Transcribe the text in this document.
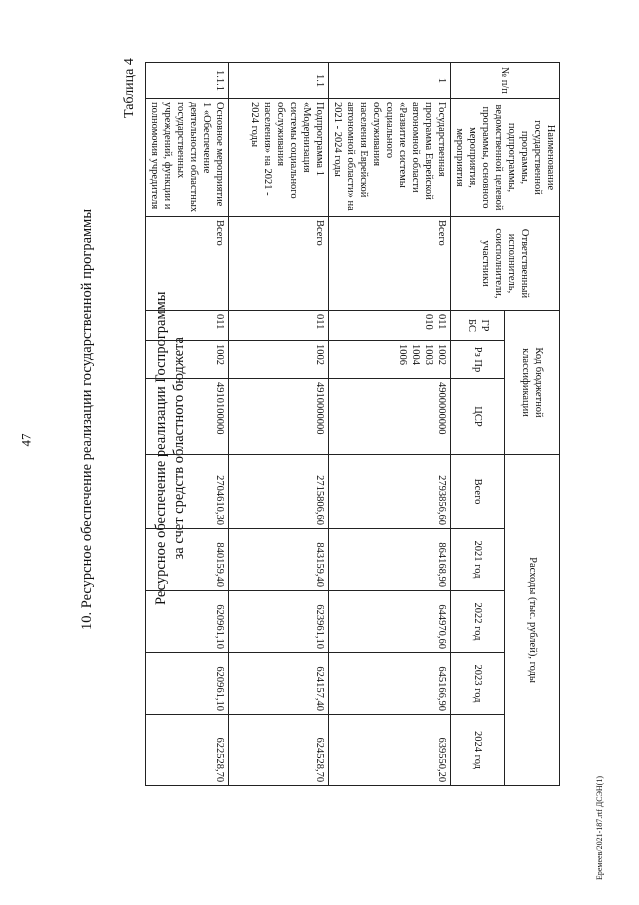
47	10. Ресурсное обеспечение реализации государственной программы
Таблица 4
Ресурсное обеспечение реализации Госпрограммы за счет средств областного бюджета
№ п/п	Наименование государственной программы, подпрограммы, ведомственной целевой программы, основного мероприятия, мероприятия	Ответственный исполнитель, соисполнители, участники	Код бюджетной классификации			Расходы (тыс. рублей), годы				
			ГР БС	Рз Пр	ЦСР	Всего	2021 год	2022 год	2023 год	2024 год
1	Государственная программа Еврейской автономной области «Развитие системы социального обслуживания населения Еврейской автономной области» на 2021 - 2024 годы	Всего	011 010	1002 1003 1004 1006	4900000000	2793856,60	864168,90	644970,60	645166,90	639550,20
1.1	Подпрограмма 1 «Модернизация системы социального обслуживания населения» на 2021 - 2024 годы	Всего	011	1002	4910000000	2715806,60	843159,40	623961,10	624157,40	624528,70
1.1.1	Основное мероприятие 1 «Обеспечение деятельности областных государственных учреждений, функции и полномочия учредителя	Всего	011	1002	4910100000	2704610,30	840159,40	620961,10	620961,10	622528,70
Еремеев/2021-187.rtf ДСЭН(1)
